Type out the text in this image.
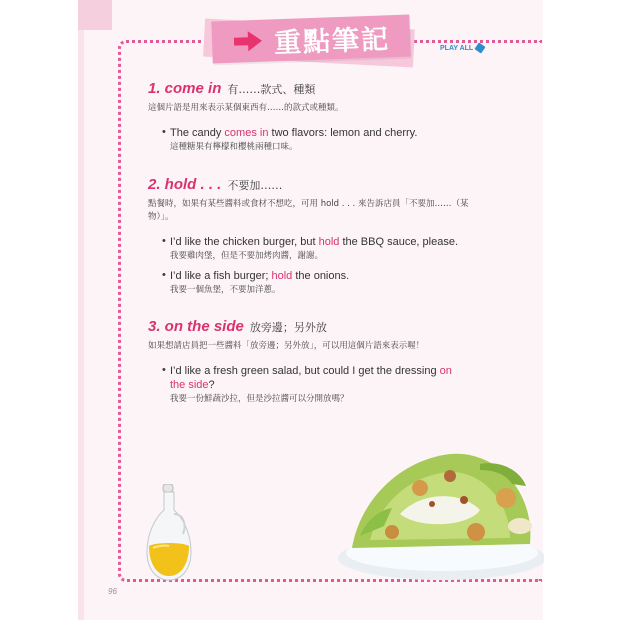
重點筆記	PLAY ALL
1. come in 有……款式、種類
這個片語是用來表示某個東西有……的款式或種類。
• The candy comes in two flavors: lemon and cherry.
這種糖果有檸檬和櫻桃兩種口味。
2. hold . . . 不要加……
點餐時，如果有某些醬料或食材不想吃，可用 hold . . . 來告訴店員「不要加……（某物）」。
• I’d like the chicken burger, but hold the BBQ sauce, please.
我要雞肉堡，但是不要加烤肉醬，謝謝。
• I’d like a fish burger; hold the onions.
我要一個魚堡，不要加洋蔥。
3. on the side 放旁邊；另外放
如果想請店員把一些醬料「放旁邊；另外放」，可以用這個片語來表示喔！
• I’d like a fresh green salad, but could I get the dressing on the side?
我要一份鮮蔬沙拉，但是沙拉醬可以分開放嗎？
96
